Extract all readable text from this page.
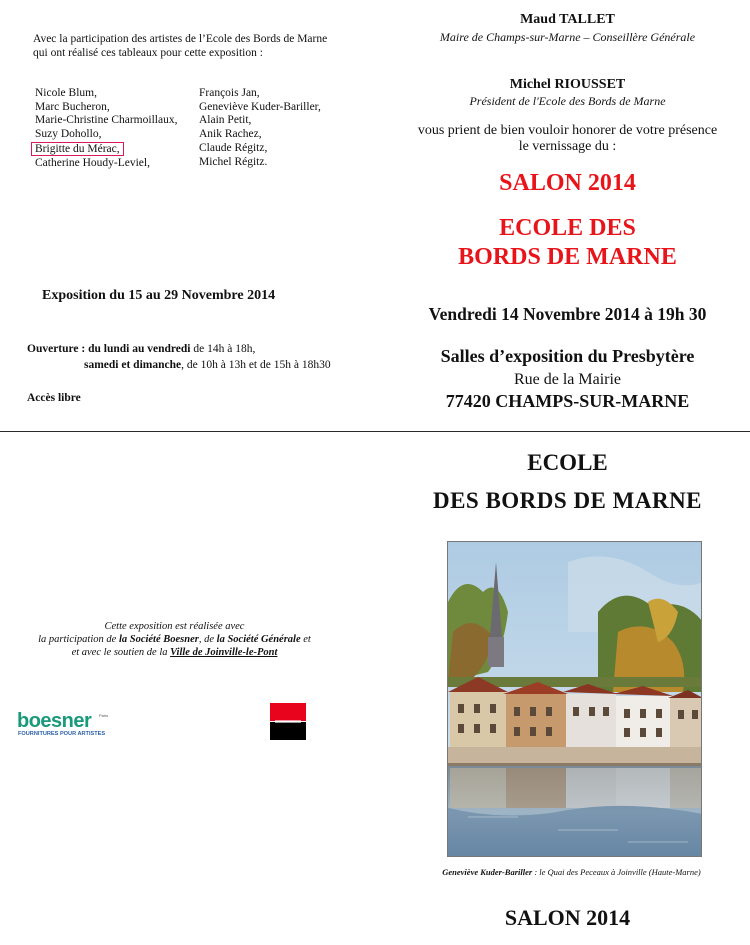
Avec la participation des artistes de l’Ecole des Bords de Marne
qui ont réalisé ces tableaux pour cette exposition :
Nicole Blum,
Marc Bucheron,
Marie-Christine Charmoillaux,
Suzy Dohollo,
Brigitte du Mérac,
Catherine Houdy-Leviel,
François Jan,
Geneviève Kuder-Bariller,
Alain Petit,
Anik Rachez,
Claude Régitz,
Michel Régitz.
Exposition du 15 au 29 Novembre 2014
Ouverture : du lundi au vendredi de 14h à 18h,
samedi et dimanche, de 10h à 13h et de 15h à 18h30
Accès libre
Maud TALLET
Maire de Champs-sur-Marne – Conseillère Générale
Michel RIOUSSET
Président de l'Ecole des Bords de Marne
vous prient de bien vouloir honorer de votre présence
le vernissage du :
SALON 2014
ECOLE DES
BORDS DE MARNE
Vendredi 14 Novembre 2014 à 19h 30
Salles d’exposition du Presbytère
Rue de la Mairie
77420 CHAMPS-SUR-MARNE
Cette exposition est réalisée avec
la participation de la Société Boesner, de la Société Générale et
et avec le soutien de la Ville de Joinville-le-Pont
boesner Paris
FOURNITURES POUR ARTISTES
ECOLE
DES BORDS DE MARNE
Geneviève Kuder-Bariller : le Quai des Peceaux à Joinville (Haute-Marne)
SALON 2014
